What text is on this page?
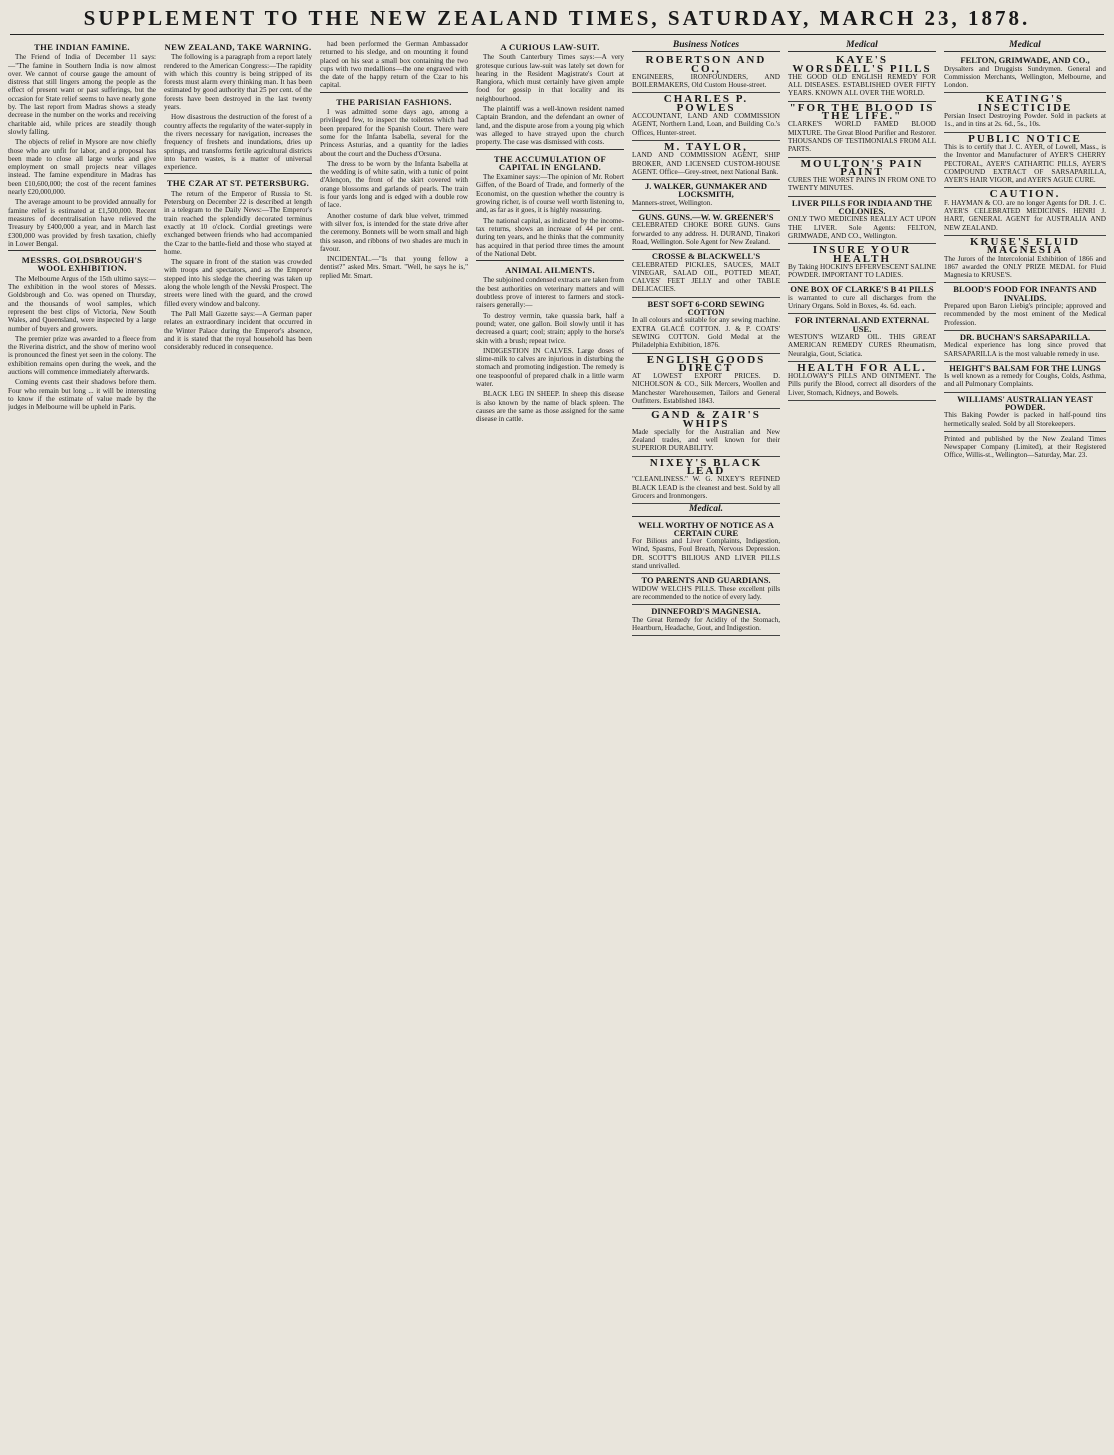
SUPPLEMENT TO THE NEW ZEALAND TIMES, SATURDAY, MARCH 23, 1878.
THE INDIAN FAMINE.

The Friend of India of December 11 says:—"The famine in Southern India is now almost over. We cannot of course gauge the amount of distress that still lingers among the people as the effect of present want or past sufferings, but the occasion for State relief seems to have nearly gone by. The last report from Madras shows a steady decrease in the number on the works and receiving charitable aid, while prices are steadily though slowly falling.

The objects of relief in Mysore are now chiefly those who are unfit for labor, and a proposal has been made to close all large works and give employment on small projects near villages instead. The famine expenditure in Madras has been £10,600,000; the cost of the recent famines nearly £20,000,000.

The average amount to be provided annually for famine relief is estimated at £1,500,000. Recent measures of decentralisation have relieved the Treasury by £400,000 a year, and in March last £300,000 was provided by fresh taxation, chiefly in Lower Bengal.

MESSRS. GOLDSBROUGH'S WOOL EXHIBITION.

The Melbourne Argus of the 15th ultimo says:—The exhibition in the wool stores of Messrs. Goldsbrough and Co. was opened on Thursday, and the thousands of wool samples, which represent the best clips of Victoria, New South Wales, and Queensland, were inspected by a large number of buyers and growers.

The premier prize was awarded to a fleece from the Riverina district, and the show of merino wool is pronounced the finest yet seen in the colony. The exhibition remains open during the week, and the auctions will commence immediately afterwards.

Coming events cast their shadows before them. Four who remain but long ... it will be interesting to know if the estimate of value made by the judges in Melbourne will be upheld in Paris.

NEW ZEALAND, TAKE WARNING.

The following is a paragraph from a report lately rendered to the American Congress:—The rapidity with which this country is being stripped of its forests must alarm every thinking man. It has been estimated by good authority that 25 per cent. of the forests have been destroyed in the last twenty years.

How disastrous the destruction of the forest of a country affects the regularity of the water-supply in the rivers necessary for navigation, increases the frequency of freshets and inundations, dries up springs, and transforms fertile agricultural districts into barren wastes, is a matter of universal experience.

THE CZAR AT ST. PETERSBURG.

The return of the Emperor of Russia to St. Petersburg on December 22 is described at length in a telegram to the Daily News:—The Emperor's train reached the splendidly decorated terminus exactly at 10 o'clock. Cordial greetings were exchanged between friends who had accompanied the Czar to the battle-field and those who stayed at home.

The square in front of the station was crowded with troops and spectators, and as the Emperor stepped into his sledge the cheering was taken up along the whole length of the Nevski Prospect. The streets were lined with the guard, and the crowd filled every window and balcony.

The Pall Mall Gazette says:—A German paper relates an extraordinary incident that occurred in the Winter Palace during the Emperor's absence, and it is stated that the royal household has been considerably reduced in consequence.

had been performed the German Ambassador returned to his sledge, and on mounting it found placed on his seat a small box containing the two cups with two medallions—the one engraved with the date of the happy return of the Czar to his capital.

THE PARISIAN FASHIONS.

I was admitted some days ago, among a privileged few, to inspect the toilettes which had been prepared for the Spanish Court. There were some for the Infanta Isabella, several for the Princess Asturias, and a quantity for the ladies about the court and the Duchess d'Orsuna.

The dress to be worn by the Infanta Isabella at the wedding is of white satin, with a tunic of point d'Alençon, the front of the skirt covered with orange blossoms and garlands of pearls. The train is four yards long and is edged with a double row of lace.

Another costume of dark blue velvet, trimmed with silver fox, is intended for the state drive after the ceremony. Bonnets will be worn small and high this season, and ribbons of two shades are much in favour.

INCIDENTAL.—"Is that young fellow a dentist?" asked Mrs. Smart. "Well, he says he is," replied Mr. Smart.

A CURIOUS LAW-SUIT.

The South Canterbury Times says:—A very grotesque curious law-suit was lately set down for hearing in the Resident Magistrate's Court at Rangiora, which must certainly have given ample food for gossip in that locality and its neighbourhood.

The plaintiff was a well-known resident named Captain Brandon, and the defendant an owner of land, and the dispute arose from a young pig which was alleged to have strayed upon the church property. The case was dismissed with costs.

THE ACCUMULATION OF CAPITAL IN ENGLAND.

The Examiner says:—The opinion of Mr. Robert Giffen, of the Board of Trade, and formerly of the Economist, on the question whether the country is growing richer, is of course well worth listening to, and, as far as it goes, it is highly reassuring.

The national capital, as indicated by the income-tax returns, shows an increase of 44 per cent. during ten years, and he thinks that the community has acquired in that period three times the amount of the National Debt.

ANIMAL AILMENTS.

The subjoined condensed extracts are taken from the best authorities on veterinary matters and will doubtless prove of interest to farmers and stock-raisers generally:—

To destroy vermin, take quassia bark, half a pound; water, one gallon. Boil slowly until it has decreased a quart; cool; strain; apply to the horse's skin with a brush; repeat twice.

INDIGESTION IN CALVES. Large doses of slime-milk to calves are injurious in disturbing the stomach and promoting indigestion. The remedy is one teaspoonful of prepared chalk in a little warm water.

BLACK LEG IN SHEEP. In sheep this disease is also known by the name of black spleen. The causes are the same as those assigned for the same disease in cattle.

Business Notices
ROBERTSON AND CO.,
ENGINEERS, IRONFOUNDERS, AND BOILERMAKERS, Old Custom House-street.
CHARLES P. POWLES
ACCOUNTANT, LAND AND COMMISSION AGENT, Northern Land, Loan, and Building Co.'s Offices, Hunter-street.
M. TAYLOR,
LAND AND COMMISSION AGENT, SHIP BROKER, AND LICENSED CUSTOM-HOUSE AGENT. Office—Grey-street, next National Bank.
J. WALKER, GUNMAKER AND LOCKSMITH,
Manners-street, Wellington.
GUNS. GUNS.—W. W. GREENER'S
CELEBRATED CHOKE BORE GUNS. Guns forwarded to any address. H. DURAND, Tinakori Road, Wellington. Sole Agent for New Zealand.
CROSSE & BLACKWELL'S
CELEBRATED PICKLES, SAUCES, MALT VINEGAR, SALAD OIL, POTTED MEAT, CALVES' FEET JELLY and other TABLE DELICACIES.
BEST SOFT 6-CORD SEWING COTTON
In all colours and suitable for any sewing machine. EXTRA GLACÉ COTTON. J. & P. COATS' SEWING COTTON. Gold Medal at the Philadelphia Exhibition, 1876.
ENGLISH GOODS DIRECT
AT LOWEST EXPORT PRICES. D. NICHOLSON & CO., Silk Mercers, Woollen and Manchester Warehousemen, Tailors and General Outfitters. Established 1843.
GAND & ZAIR'S WHIPS
Made specially for the Australian and New Zealand trades, and well known for their SUPERIOR DURABILITY.
NIXEY'S BLACK LEAD
"CLEANLINESS." W. G. NIXEY'S REFINED BLACK LEAD is the cleanest and best. Sold by all Grocers and Ironmongers.
Medical.
WELL WORTHY OF NOTICE AS A CERTAIN CURE
For Bilious and Liver Complaints, Indigestion, Wind, Spasms, Foul Breath, Nervous Depression. DR. SCOTT'S BILIOUS AND LIVER PILLS stand unrivalled.
TO PARENTS AND GUARDIANS.
WIDOW WELCH'S PILLS. These excellent pills are recommended to the notice of every lady.
DINNEFORD'S MAGNESIA.
The Great Remedy for Acidity of the Stomach, Heartburn, Headache, Gout, and Indigestion.
Medical
KAYE'S WORSDELL'S PILLS
THE GOOD OLD ENGLISH REMEDY FOR ALL DISEASES. ESTABLISHED OVER FIFTY YEARS. KNOWN ALL OVER THE WORLD.
"FOR THE BLOOD IS THE LIFE."
CLARKE'S WORLD FAMED BLOOD MIXTURE. The Great Blood Purifier and Restorer. THOUSANDS OF TESTIMONIALS FROM ALL PARTS.
MOULTON'S PAIN PAINT
CURES THE WORST PAINS IN FROM ONE TO TWENTY MINUTES.
LIVER PILLS FOR INDIA AND THE COLONIES.
ONLY TWO MEDICINES REALLY ACT UPON THE LIVER. Sole Agents: FELTON, GRIMWADE, AND CO., Wellington.
INSURE YOUR HEALTH
By Taking HOCKIN'S EFFERVESCENT SALINE POWDER. IMPORTANT TO LADIES.
ONE BOX OF CLARKE'S B 41 PILLS
is warranted to cure all discharges from the Urinary Organs. Sold in Boxes, 4s. 6d. each.
FOR INTERNAL AND EXTERNAL USE.
WESTON'S WIZARD OIL. THIS GREAT AMERICAN REMEDY CURES Rheumatism, Neuralgia, Gout, Sciatica.
HEALTH FOR ALL.
HOLLOWAY'S PILLS AND OINTMENT. The Pills purify the Blood, correct all disorders of the Liver, Stomach, Kidneys, and Bowels.
Medical
FELTON, GRIMWADE, AND CO.,
Drysalters and Druggists Sundrymen. General and Commission Merchants, Wellington, Melbourne, and London.
KEATING'S INSECTICIDE
Persian Insect Destroying Powder. Sold in packets at 1s., and in tins at 2s. 6d., 5s., 10s.
PUBLIC NOTICE
This is to certify that J. C. AYER, of Lowell, Mass., is the Inventor and Manufacturer of AYER'S CHERRY PECTORAL, AYER'S CATHARTIC PILLS, AYER'S COMPOUND EXTRACT OF SARSAPARILLA, AYER'S HAIR VIGOR, and AYER'S AGUE CURE.
CAUTION.
F. HAYMAN & CO. are no longer Agents for DR. J. C. AYER'S CELEBRATED MEDICINES. HENRI J. HART, GENERAL AGENT for AUSTRALIA AND NEW ZEALAND.
KRUSE'S FLUID MAGNESIA
The Jurors of the Intercolonial Exhibition of 1866 and 1867 awarded the ONLY PRIZE MEDAL for Fluid Magnesia to KRUSE'S.
BLOOD'S FOOD FOR INFANTS AND INVALIDS.
Prepared upon Baron Liebig's principle; approved and recommended by the most eminent of the Medical Profession.
DR. BUCHAN'S SARSAPARILLA.
Medical experience has long since proved that SARSAPARILLA is the most valuable remedy in use.
HEIGHT'S BALSAM FOR THE LUNGS
Is well known as a remedy for Coughs, Colds, Asthma, and all Pulmonary Complaints.
WILLIAMS' AUSTRALIAN YEAST POWDER.
This Baking Powder is packed in half-pound tins hermetically sealed. Sold by all Storekeepers.

Printed and published by the New Zealand Times Newspaper Company (Limited), at their Registered Office, Willis-st., Wellington—Saturday, Mar. 23.
